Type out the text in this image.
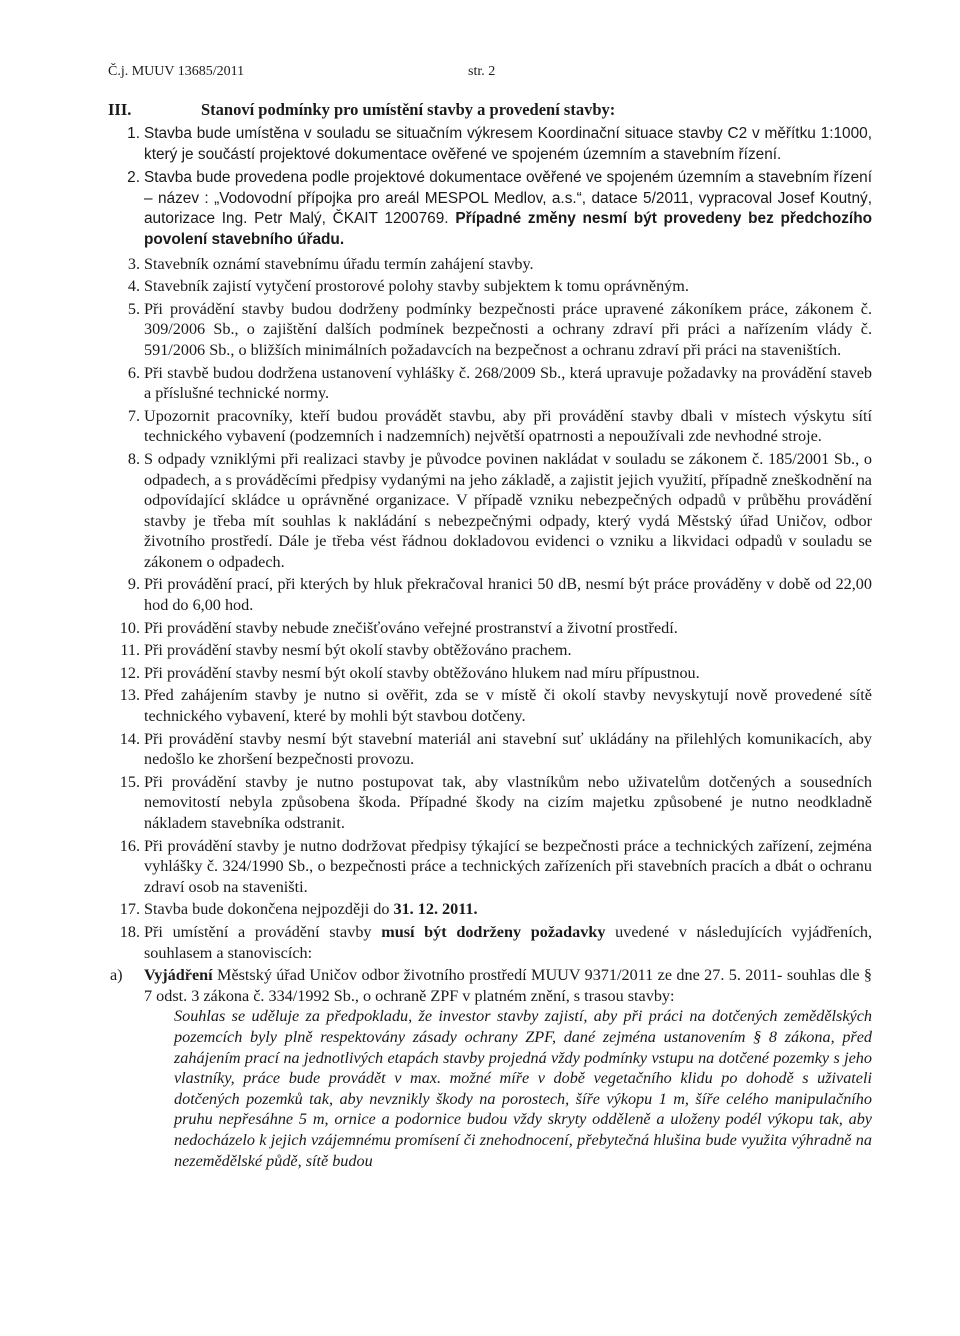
Č.j. MUUV 13685/2011	str. 2
III.	Stanoví podmínky pro umístění stavby a provedení stavby:
1. Stavba bude umístěna v souladu se situačním výkresem Koordinační situace stavby C2 v měřítku 1:1000, který je součástí projektové dokumentace ověřené ve spojeném územním a stavebním řízení.
2. Stavba bude provedena podle projektové dokumentace ověřené ve spojeném územním a stavebním řízení – název : „Vodovodní přípojka pro areál MESPOL Medlov, a.s.“, datace 5/2011, vypracoval Josef Koutný, autorizace Ing. Petr Malý, ČKAIT 1200769. Případné změny nesmí být provedeny bez předchozího povolení stavebního úřadu.
3. Stavebník oznámí stavebnímu úřadu termín zahájení stavby.
4. Stavebník zajistí vytyčení prostorové polohy stavby subjektem k tomu oprávněným.
5. Při provádění stavby budou dodrženy podmínky bezpečnosti práce upravené zákoníkem práce, zákonem č. 309/2006 Sb., o zajištění dalších podmínek bezpečnosti a ochrany zdraví při práci a nařízením vlády č. 591/2006 Sb., o bližších minimálních požadavcích na bezpečnost a ochranu zdraví při práci na staveništích.
6. Při stavbě budou dodržena ustanovení vyhlášky č. 268/2009 Sb., která upravuje požadavky na provádění staveb a příslušné technické normy.
7. Upozornit pracovníky, kteří budou provádět stavbu, aby při provádění stavby dbali v místech výskytu sítí technického vybavení (podzemních i nadzemních) největší opatrnosti a nepoužívali zde nevhodné stroje.
8. S odpady vzniklými při realizaci stavby je původce povinen nakládat v souladu se zákonem č. 185/2001 Sb., o odpadech, a s prováděcími předpisy vydanými na jeho základě, a zajistit jejich využití, případně zneškodnění na odpovídající skládce u oprávněné organizace. V případě vzniku nebezpečných odpadů v průběhu provádění stavby je třeba mít souhlas k nakládání s nebezpečnými odpady, který vydá Městský úřad Uničov, odbor životního prostředí. Dále je třeba vést řádnou dokladovou evidenci o vzniku a likvidaci odpadů v souladu se zákonem o odpadech.
9. Při provádění prací, při kterých by hluk překračoval hranici 50 dB, nesmí být práce prováděny v době od 22,00 hod do 6,00 hod.
10. Při provádění stavby nebude znečišťováno veřejné prostranství a životní prostředí.
11. Při provádění stavby nesmí být okolí stavby obtěžováno prachem.
12. Při provádění stavby nesmí být okolí stavby obtěžováno hlukem nad míru přípustnou.
13. Před zahájením stavby je nutno si ověřit, zda se v místě či okolí stavby nevyskytují nově provedené sítě technického vybavení, které by mohli být stavbou dotčeny.
14. Při provádění stavby nesmí být stavební materiál ani stavební suť ukládány na přilehlých komunikacích, aby nedošlo ke zhoršení bezpečnosti provozu.
15. Při provádění stavby je nutno postupovat tak, aby vlastníkům nebo uživatelům dotčených a sousedních nemovitostí nebyla způsobena škoda. Případné škody na cizím majetku způsobené je nutno neodkladně nákladem stavebníka odstranit.
16. Při provádění stavby je nutno dodržovat předpisy týkající se bezpečnosti práce a technických zařízení, zejména vyhlášky č. 324/1990 Sb., o bezpečnosti práce a technických zařízeních při stavebních pracích a dbát o ochranu zdraví osob na staveništi.
17. Stavba bude dokončena nejpozději do 31. 12. 2011.
18. Při umístění a provádění stavby musí být dodrženy požadavky uvedené v následujících vyjádřeních, souhlasem a stanoviscích:
a)	Vyjádření Městský úřad Uničov odbor životního prostředí MUUV 9371/2011 ze dne 27. 5. 2011- souhlas dle § 7 odst. 3 zákona č. 334/1992 Sb., o ochraně ZPF v platném znění, s trasou stavby:
Souhlas se uděluje za předpokladu, že investor stavby zajistí, aby při práci na dotčených zemědělských pozemcích byly plně respektovány zásady ochrany ZPF, dané zejména ustanovením § 8 zákona, před zahájením prací na jednotlivých etapách stavby projedná vždy podmínky vstupu na dotčené pozemky s jeho vlastníky, práce bude provádět v max. možné míře v době vegetačního klidu po dohodě s uživateli dotčených pozemků tak, aby nevznikly škody na porostech, šíře výkopu 1 m, šíře celého manipulačního pruhu nepřesáhne 5 m, ornice a podornice budou vždy skryty odděleně a uloženy podél výkopu tak, aby nedocházelo k jejich vzájemnému promísení či znehodnocení, přebytečná hlušina bude využita výhradně na nezemědělské půdě, sítě budou
